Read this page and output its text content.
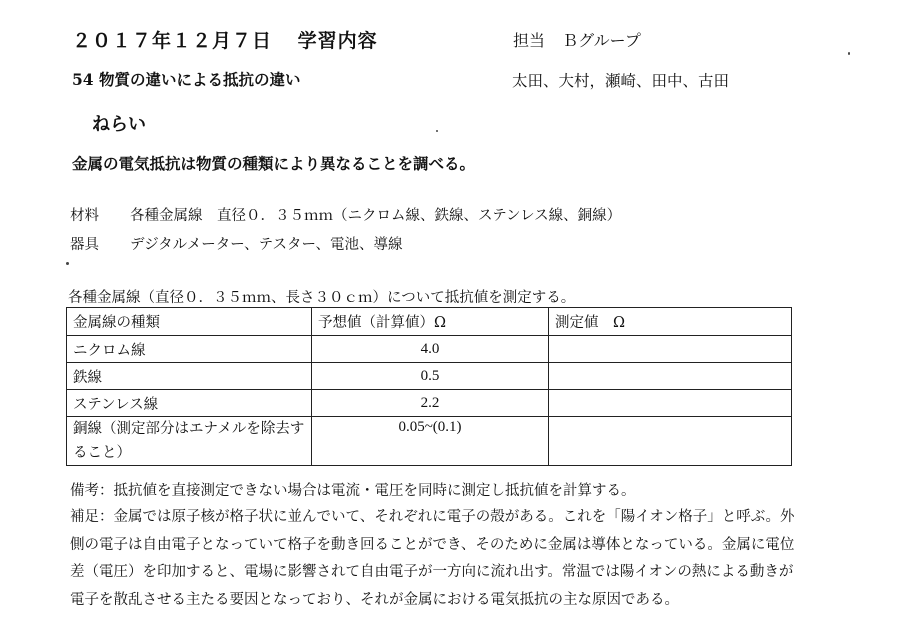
２０１７年１２月７日 学習内容	担当 Ｂグループ
54 物質の違いによる抵抗の違い	太田、大村，瀬崎、田中、古田
ねらい
金属の電気抵抗は物質の種類により異なることを調べる。
材料 各種金属線　直径０．３５ｍｍ（ニクロム線、鉄線、ステンレス線、銅線）
器具 デジタルメーター、テスター、電池、導線
各種金属線（直径０．３５ｍｍ、長さ３０ｃｍ）について抵抗値を測定する。
金属線の種類	予想値（計算値）Ω	測定値　Ω
ニクロム線	4.0	
鉄線	0.5	
ステンレス線	2.2	
銅線（測定部分はエナメルを除去すること）	0.05~(0.1)	
備考：抵抗値を直接測定できない場合は電流・電圧を同時に測定し抵抗値を計算する。
補足：金属では原子核が格子状に並んでいて、それぞれに電子の殻がある。これを「陽イオン格子」と呼ぶ。外側の電子は自由電子となっていて格子を動き回ることができ、そのために金属は導体となっている。金属に電位差（電圧）を印加すると、電場に影響されて自由電子が一方向に流れ出す。常温では陽イオンの熱による動きが電子を散乱させる主たる要因となっており、それが金属における電気抵抗の主な原因である。
